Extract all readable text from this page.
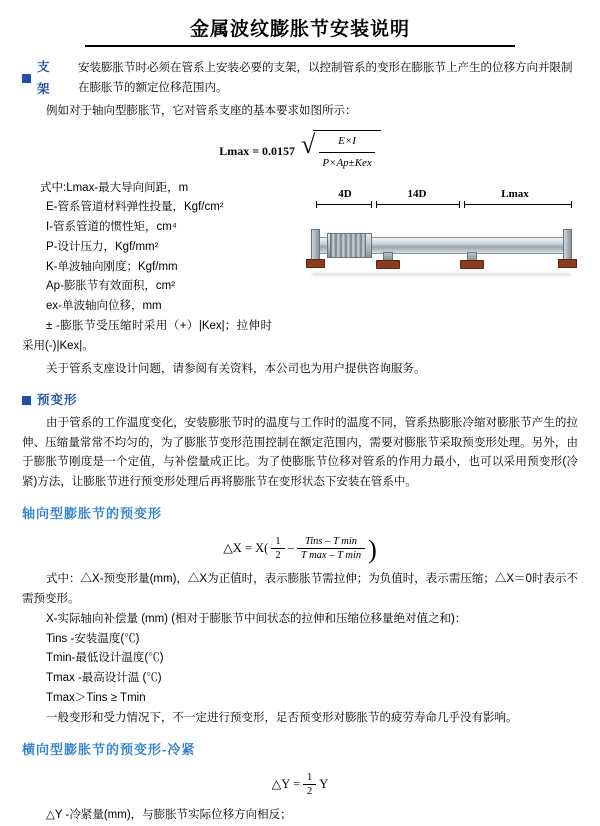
金属波纹膨胀节安装说明
支架
安装膨胀节时必须在管系上安装必要的支架，以控制管系的变形在膨胀节上产生的位移方向并限制在膨胀节的额定位移范围内。

例如对于轴向型膨胀节，它对管系支座的基本要求如图所示：

Lmax = 0.0157 √
$\frac{E\times I}{\text{P×Ap±Kex}}$

式中:Lmax-最大导向间距，m

E-管系管道材料弹性投量，Kgf/cm²

I-管系管道的惯性矩，cm⁴

P-设计压力，Kgf/mm²

K-单波轴向刚度；Kgf/mm

Ap-膨胀节有效面积，cm²

ex-单波轴向位移，mm

± -膨胀节受压缩时采用（+）|Kex|；拉伸时采用(-)|Kex|。

4D	14D	Lmax

关于管系支座设计问题，请参阅有关资料，本公司也为用户提供咨询服务。

预变形

由于管系的工作温度变化，安装膨胀节时的温度与工作时的温度不同，管系热膨胀冷缩对膨胀节产生的拉伸、压缩量常常不均匀的，为了膨胀节变形范围控制在额定范围内，需要对膨胀节采取预变形处理。另外，由于膨胀节刚度是一个定值，与补偿量成正比。为了使膨胀节位移对管系的作用力最小，也可以采用预变形(冷紧)方法，让膨胀节进行预变形处理后再将膨胀节在变形状态下安装在管系中。

轴向型膨胀节的预变形
△X = $X( \frac{1}{2} - \frac{\text{Tins – T min}}{\text{T max – T min}}$ )

式中：△X-预变形量(mm)，△X为正值时，表示膨胀节需拉伸；为负值时，表示需压缩；△X＝0时表示不需预变形。

X-实际轴向补偿量 (mm) (相对于膨胀节中间状态的拉伸和压缩位移量绝对值之和)：

Tins -安装温度(℃)

Tmin-最低设计温度(℃)

Tmax -最高设计温 (℃)

Tmax＞Tins ≥ Tmin

一般变形和受力情况下，不一定进行预变形，足否预变形对膨胀节的疲劳寿命几乎没有影响。

横向型膨胀节的预变形-冷紧
△Y = $\frac{1}{2}$ Y

△Y -冷紧量(mm)，与膨胀节实际位移方向相反；
